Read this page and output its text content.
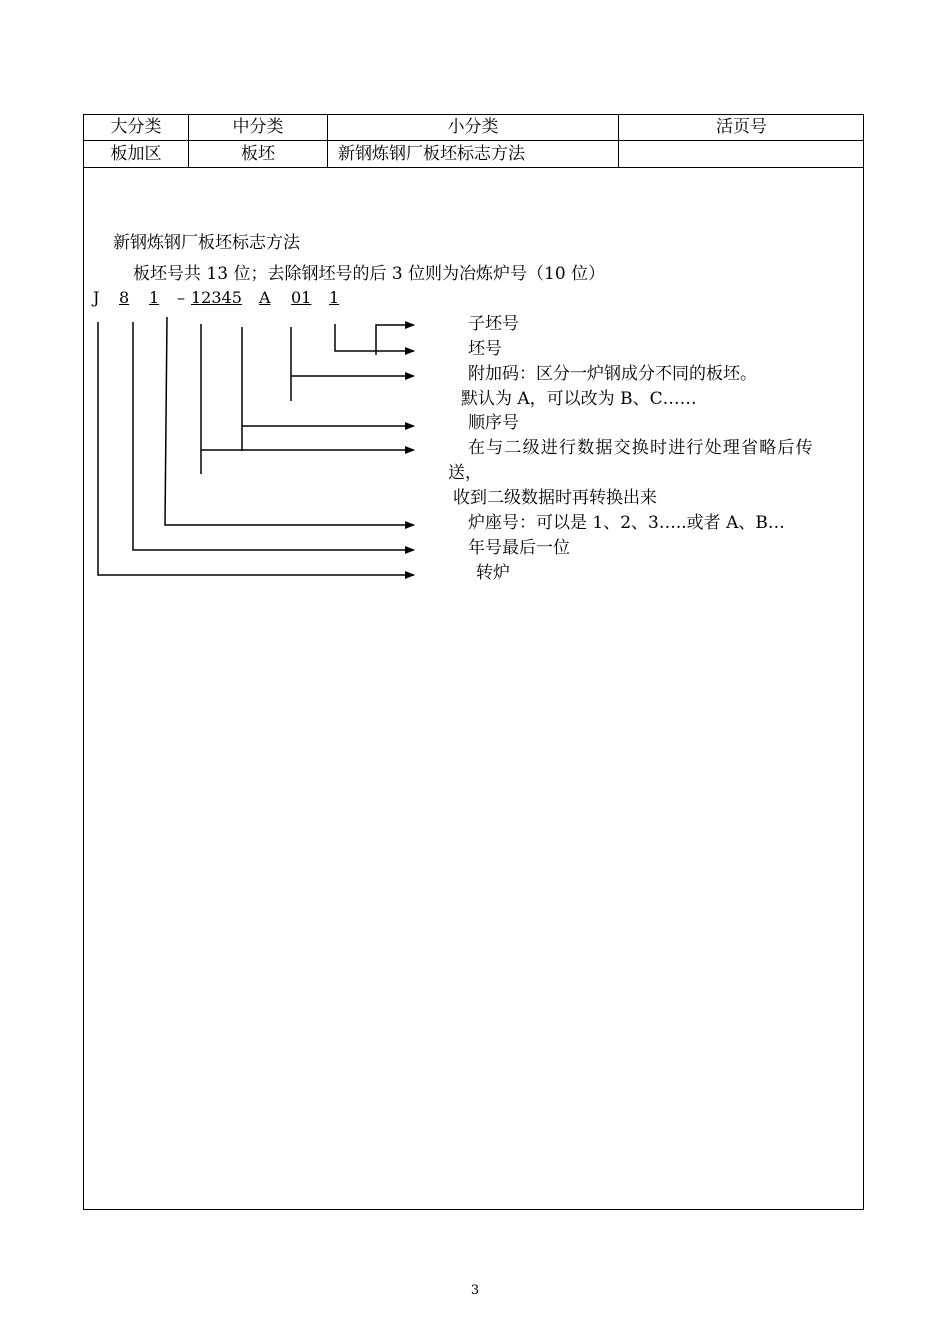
大分类	中分类	小分类	活页号
板加区	板坯	新钢炼钢厂板坯标志方法
新钢炼钢厂板坯标志方法
板坯号共 13 位；去除钢坯号的后 3 位则为冶炼炉号（10 位）
J 8 1 – 12345 A 01 1
子坯号
坯号
附加码：区分一炉钢成分不同的板坯。
默认为 A，可以改为 B、C……
顺序号
在与二级进行数据交换时进行处理省略后传
送，
收到二级数据时再转换出来
炉座号：可以是 1、2、3…..或者 A、B…
年号最后一位
转炉
3
